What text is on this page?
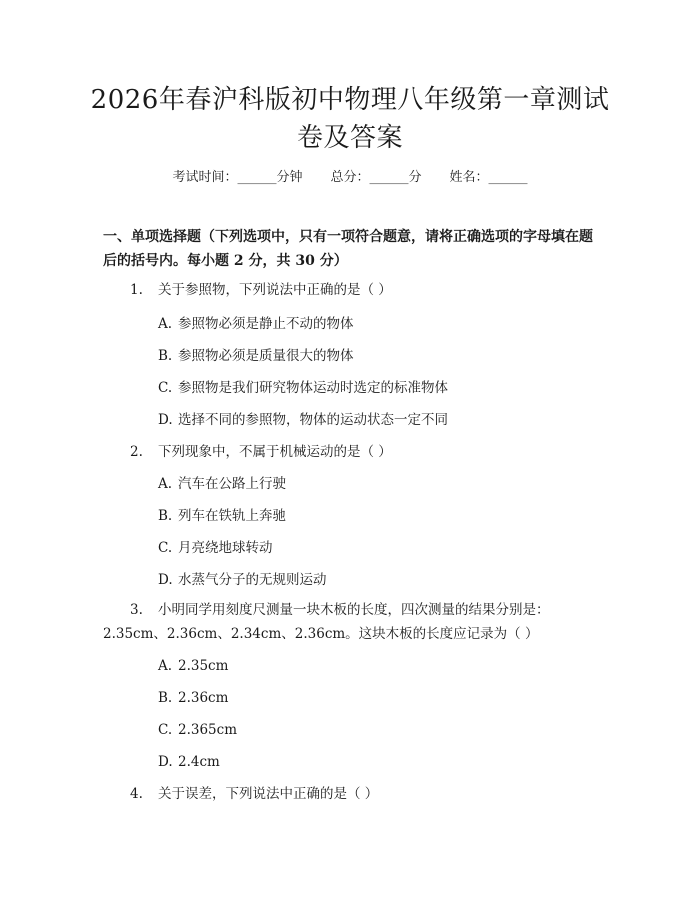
2026年春沪科版初中物理八年级第一章测试
卷及答案
考试时间：______分钟 总分：______分 姓名：______
一、单项选择题（下列选项中，只有一项符合题意，请将正确选项的字母填在题
后的括号内。每小题 2 分，共 30 分）
1. 关于参照物，下列说法中正确的是（ ）
A. 参照物必须是静止不动的物体
B. 参照物必须是质量很大的物体
C. 参照物是我们研究物体运动时选定的标准物体
D. 选择不同的参照物，物体的运动状态一定不同
2. 下列现象中，不属于机械运动的是（ ）
A. 汽车在公路上行驶
B. 列车在铁轨上奔驰
C. 月亮绕地球转动
D. 水蒸气分子的无规则运动
3. 小明同学用刻度尺测量一块木板的长度，四次测量的结果分别是：
2.35cm、2.36cm、2.34cm、2.36cm。这块木板的长度应记录为（ ）
A. 2.35cm
B. 2.36cm
C. 2.365cm
D. 2.4cm
4. 关于误差，下列说法中正确的是（ ）
